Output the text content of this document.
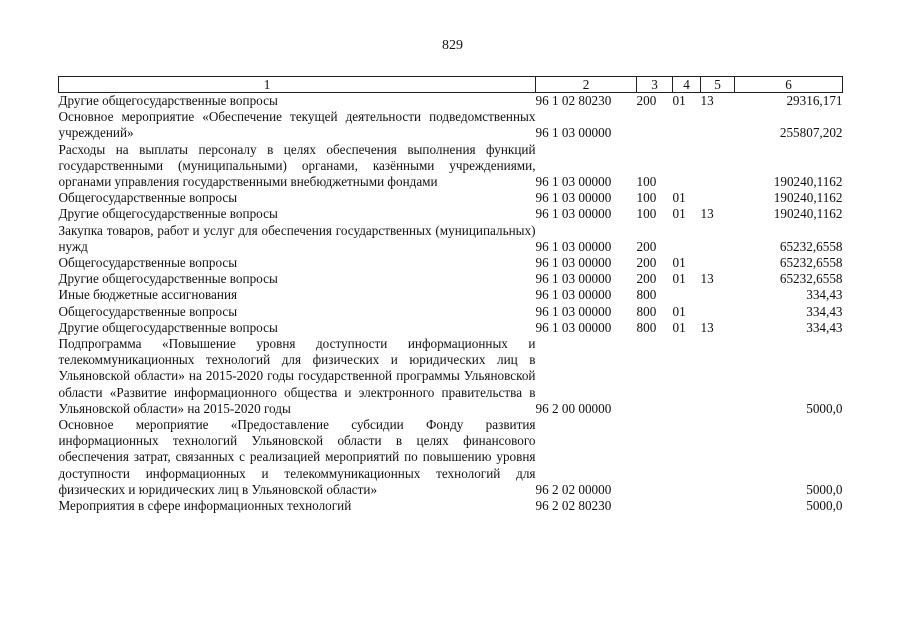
829
1	2	3	4	5	6
Другие общегосударственные вопросы	96 1 02 80230	200	01	13	29316,171
Основное мероприятие «Обеспечение текущей деятельности подведомственных учреждений»	96 1 03 00000				255807,202
Расходы на выплаты персоналу в целях обеспечения выполнения функций государственными (муниципальными) органами, казёнными учреждениями, органами управления государственными внебюджетными фондами	96 1 03 00000	100			190240,1162
Общегосударственные вопросы	96 1 03 00000	100	01		190240,1162
Другие общегосударственные вопросы	96 1 03 00000	100	01	13	190240,1162
Закупка товаров, работ и услуг для обеспечения государственных (муниципальных) нужд	96 1 03 00000	200			65232,6558
Общегосударственные вопросы	96 1 03 00000	200	01		65232,6558
Другие общегосударственные вопросы	96 1 03 00000	200	01	13	65232,6558
Иные бюджетные ассигнования	96 1 03 00000	800			334,43
Общегосударственные вопросы	96 1 03 00000	800	01		334,43
Другие общегосударственные вопросы	96 1 03 00000	800	01	13	334,43
Подпрограмма «Повышение уровня доступности информационных и телекоммуникационных технологий для физических и юридических лиц в Ульяновской области» на 2015-2020 годы государственной программы Ульяновской области «Развитие информационного общества и электронного правительства в Ульяновской области» на 2015-2020 годы	96 2 00 00000				5000,0
Основное мероприятие «Предоставление субсидии Фонду развития информационных технологий Ульяновской области в целях финансового обеспечения затрат, связанных с реализацией мероприятий по повышению уровня доступности информационных и телекоммуникационных технологий для физических и юридических лиц в Ульяновской области»	96 2 02 00000				5000,0
Мероприятия в сфере информационных технологий	96 2 02 80230				5000,0
